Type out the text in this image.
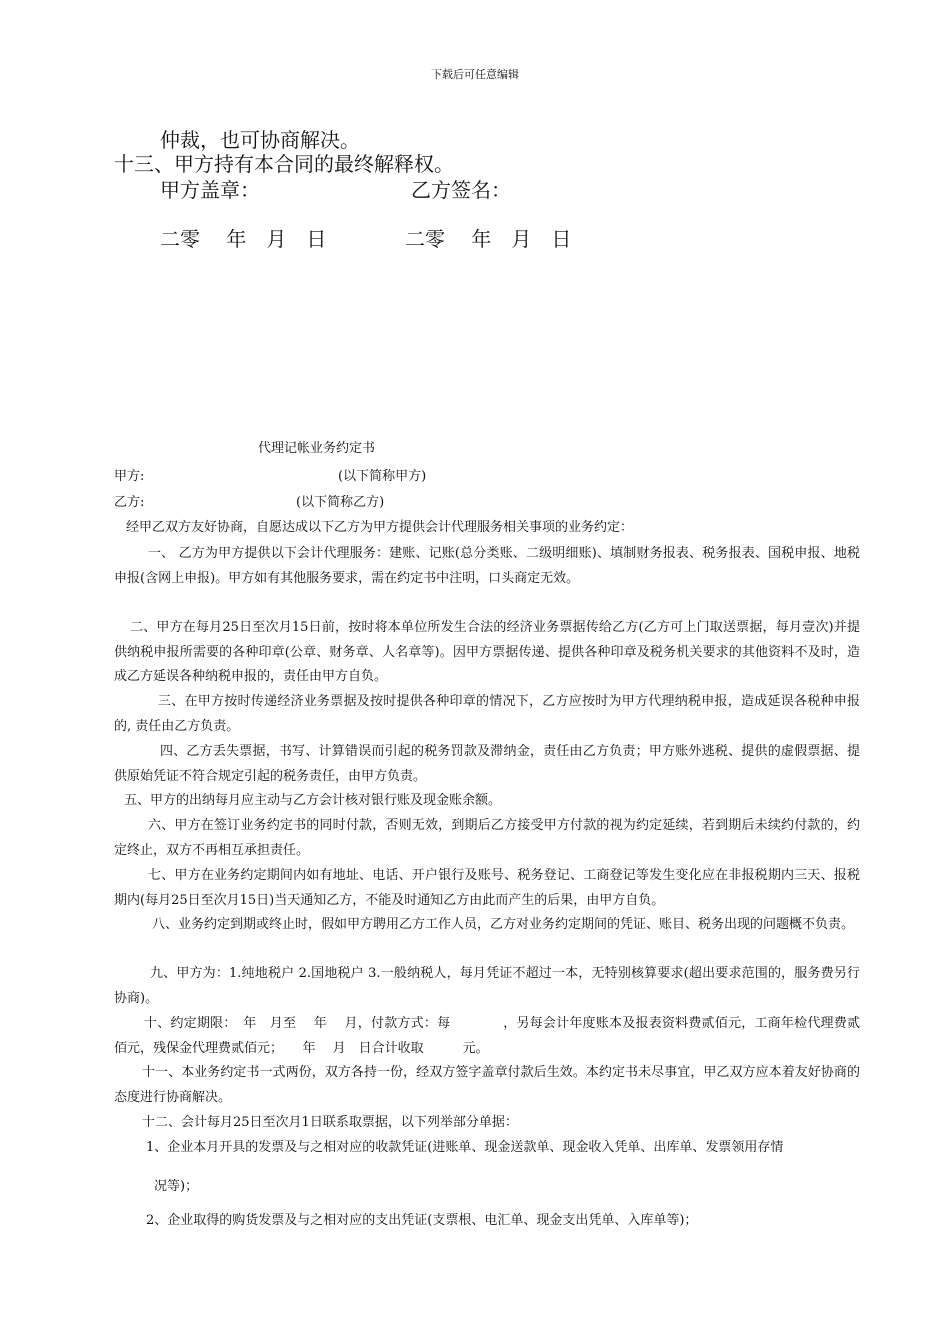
下载后可任意编辑
仲裁，也可协商解决。
十三、甲方持有本合同的最终解释权。
甲方盖章：	乙方签名：
二零　 年　月　日	二零　 年　月　日
代理记帐业务约定书
甲方:	(以下简称甲方)
乙方:	(以下简称乙方)
经甲乙双方友好协商，自愿达成以下乙方为甲方提供会计代理服务相关事项的业务约定：
一、 乙方为甲方提供以下会计代理服务：建账、记账(总分类账、二级明细账)、填制财务报表、税务报表、国税申报、地税申报(含网上申报)。甲方如有其他服务要求，需在约定书中注明，口头商定无效。
二、甲方在每月25日至次月15日前，按时将本单位所发生合法的经济业务票据传给乙方(乙方可上门取送票据，每月壹次)并提供纳税申报所需要的各种印章(公章、财务章、人名章等)。因甲方票据传递、提供各种印章及税务机关要求的其他资料不及时，造成乙方延误各种纳税申报的，责任由甲方自负。
三、在甲方按时传递经济业务票据及按时提供各种印章的情况下，乙方应按时为甲方代理纳税申报，造成延误各税种申报的, 责任由乙方负责。
四、乙方丢失票据，书写、计算错误而引起的税务罚款及滞纳金，责任由乙方负责；甲方账外逃税、提供的虚假票据、提供原始凭证不符合规定引起的税务责任，由甲方负责。
五、甲方的出纳每月应主动与乙方会计核对银行账及现金账余额。
六、甲方在签订业务约定书的同时付款，否则无效，到期后乙方接受甲方付款的视为约定延续，若到期后未续约付款的，约定终止，双方不再相互承担责任。
七、甲方在业务约定期间内如有地址、电话、开户银行及账号、税务登记、工商登记等发生变化应在非报税期内三天、报税期内(每月25日至次月15日)当天通知乙方，不能及时通知乙方由此而产生的后果，由甲方自负。
八、业务约定到期或终止时，假如甲方聘用乙方工作人员，乙方对业务约定期间的凭证、账目、税务出现的问题概不负责。
九、甲方为：1.纯地税户 2.国地税户 3.一般纳税人，每月凭证不超过一本，无特别核算要求(超出要求范围的，服务费另行协商)。
十、约定期限：　年　月至　 年　 月，付款方式：每　　　　，另每会计年度账本及报表资料费贰佰元，工商年检代理费贰佰元，残保金代理费贰佰元；　　年　 月　日合计收取　　　元。
十一、本业务约定书一式两份，双方各持一份，经双方签字盖章付款后生效。本约定书未尽事宜，甲乙双方应本着友好协商的态度进行协商解决。
十二、会计每月25日至次月1日联系取票据，以下列举部分单据：
1、企业本月开具的发票及与之相对应的收款凭证(进账单、现金送款单、现金收入凭单、出库单、发票领用存情
况等)；
2、企业取得的购货发票及与之相对应的支出凭证(支票根、电汇单、现金支出凭单、入库单等)；
